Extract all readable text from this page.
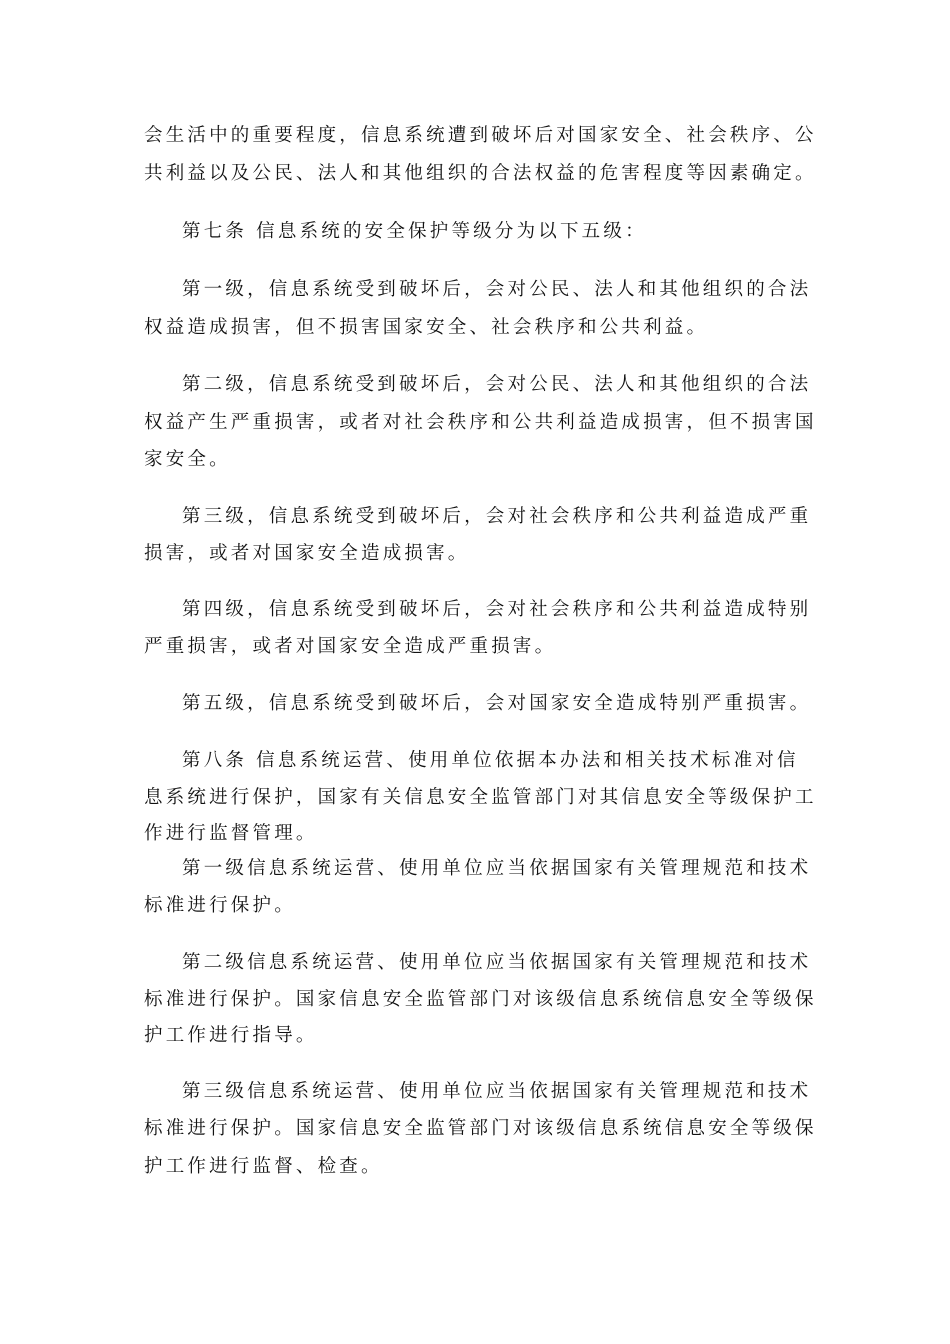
会生活中的重要程度，信息系统遭到破坏后对国家安全、社会秩序、公
共利益以及公民、法人和其他组织的合法权益的危害程度等因素确定。
第七条 信息系统的安全保护等级分为以下五级：
第一级，信息系统受到破坏后，会对公民、法人和其他组织的合法
权益造成损害，但不损害国家安全、社会秩序和公共利益。
第二级，信息系统受到破坏后，会对公民、法人和其他组织的合法
权益产生严重损害，或者对社会秩序和公共利益造成损害，但不损害国
家安全。
第三级，信息系统受到破坏后，会对社会秩序和公共利益造成严重
损害，或者对国家安全造成损害。
第四级，信息系统受到破坏后，会对社会秩序和公共利益造成特别
严重损害，或者对国家安全造成严重损害。
第五级，信息系统受到破坏后，会对国家安全造成特别严重损害。
第八条 信息系统运营、使用单位依据本办法和相关技术标准对信
息系统进行保护，国家有关信息安全监管部门对其信息安全等级保护工
作进行监督管理。
第一级信息系统运营、使用单位应当依据国家有关管理规范和技术
标准进行保护。
第二级信息系统运营、使用单位应当依据国家有关管理规范和技术
标准进行保护。国家信息安全监管部门对该级信息系统信息安全等级保
护工作进行指导。
第三级信息系统运营、使用单位应当依据国家有关管理规范和技术
标准进行保护。国家信息安全监管部门对该级信息系统信息安全等级保
护工作进行监督、检查。
